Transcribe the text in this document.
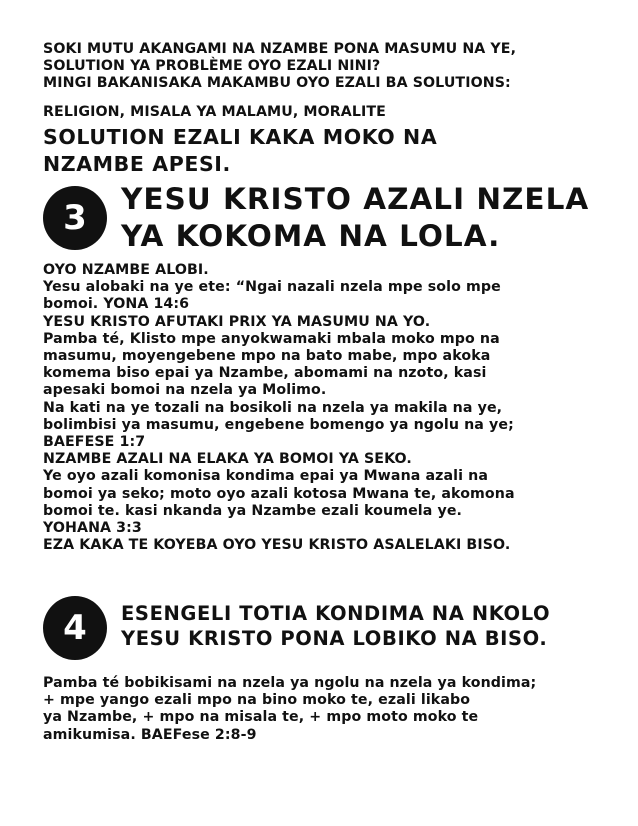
SOKI MUTU AKANGAMI NA NZAMBE PONA MASUMU NA YE,
SOLUTION YA PROBLÈME OYO EZALI NINI?
MINGI BAKANISAKA MAKAMBU OYO EZALI BA SOLUTIONS:
RELIGION, MISALA YA MALAMU, MORALITE
SOLUTION EZALI KAKA MOKO NA
NZAMBE APESI.
3 YESU KRISTO AZALI NZELA
YA KOKOMA NA LOLA.
OYO NZAMBE ALOBI.
Yesu alobaki na ye ete: “Ngai nazali nzela mpe solo mpe
bomoi. YONA 14:6
YESU KRISTO AFUTAKI PRIX YA MASUMU NA YO.
Pamba té, Klisto mpe anyokwamaki mbala moko mpo na
masumu, moyengebene mpo na bato mabe, mpo akoka
komema biso epai ya Nzambe, abomami na nzoto, kasi
apesaki bomoi na nzela ya Molimo.
Na kati na ye tozali na bosikoli na nzela ya makila na ye,
bolimbisi ya masumu, engebene bomengo ya ngolu na ye;
BAEFESE 1:7
NZAMBE AZALI NA ELAKA YA BOMOI YA SEKO.
Ye oyo azali komonisa kondima epai ya Mwana azali na
bomoi ya seko; moto oyo azali kotosa Mwana te, akomona
bomoi te. kasi nkanda ya Nzambe ezali koumela ye.
YOHANA 3:3
EZA KAKA TE KOYEBA OYO YESU KRISTO ASALELAKI BISO.
4 ESENGELI TOTIA KONDIMA NA NKOLO
YESU KRISTO PONA LOBIKO NA BISO.
Pamba té bobikisami na nzela ya ngolu na nzela ya kondima;
+ mpe yango ezali mpo na bino moko te, ezali likabo
ya Nzambe, + mpo na misala te, + mpo moto moko te
amikumisa. BAEFese 2:8-9
